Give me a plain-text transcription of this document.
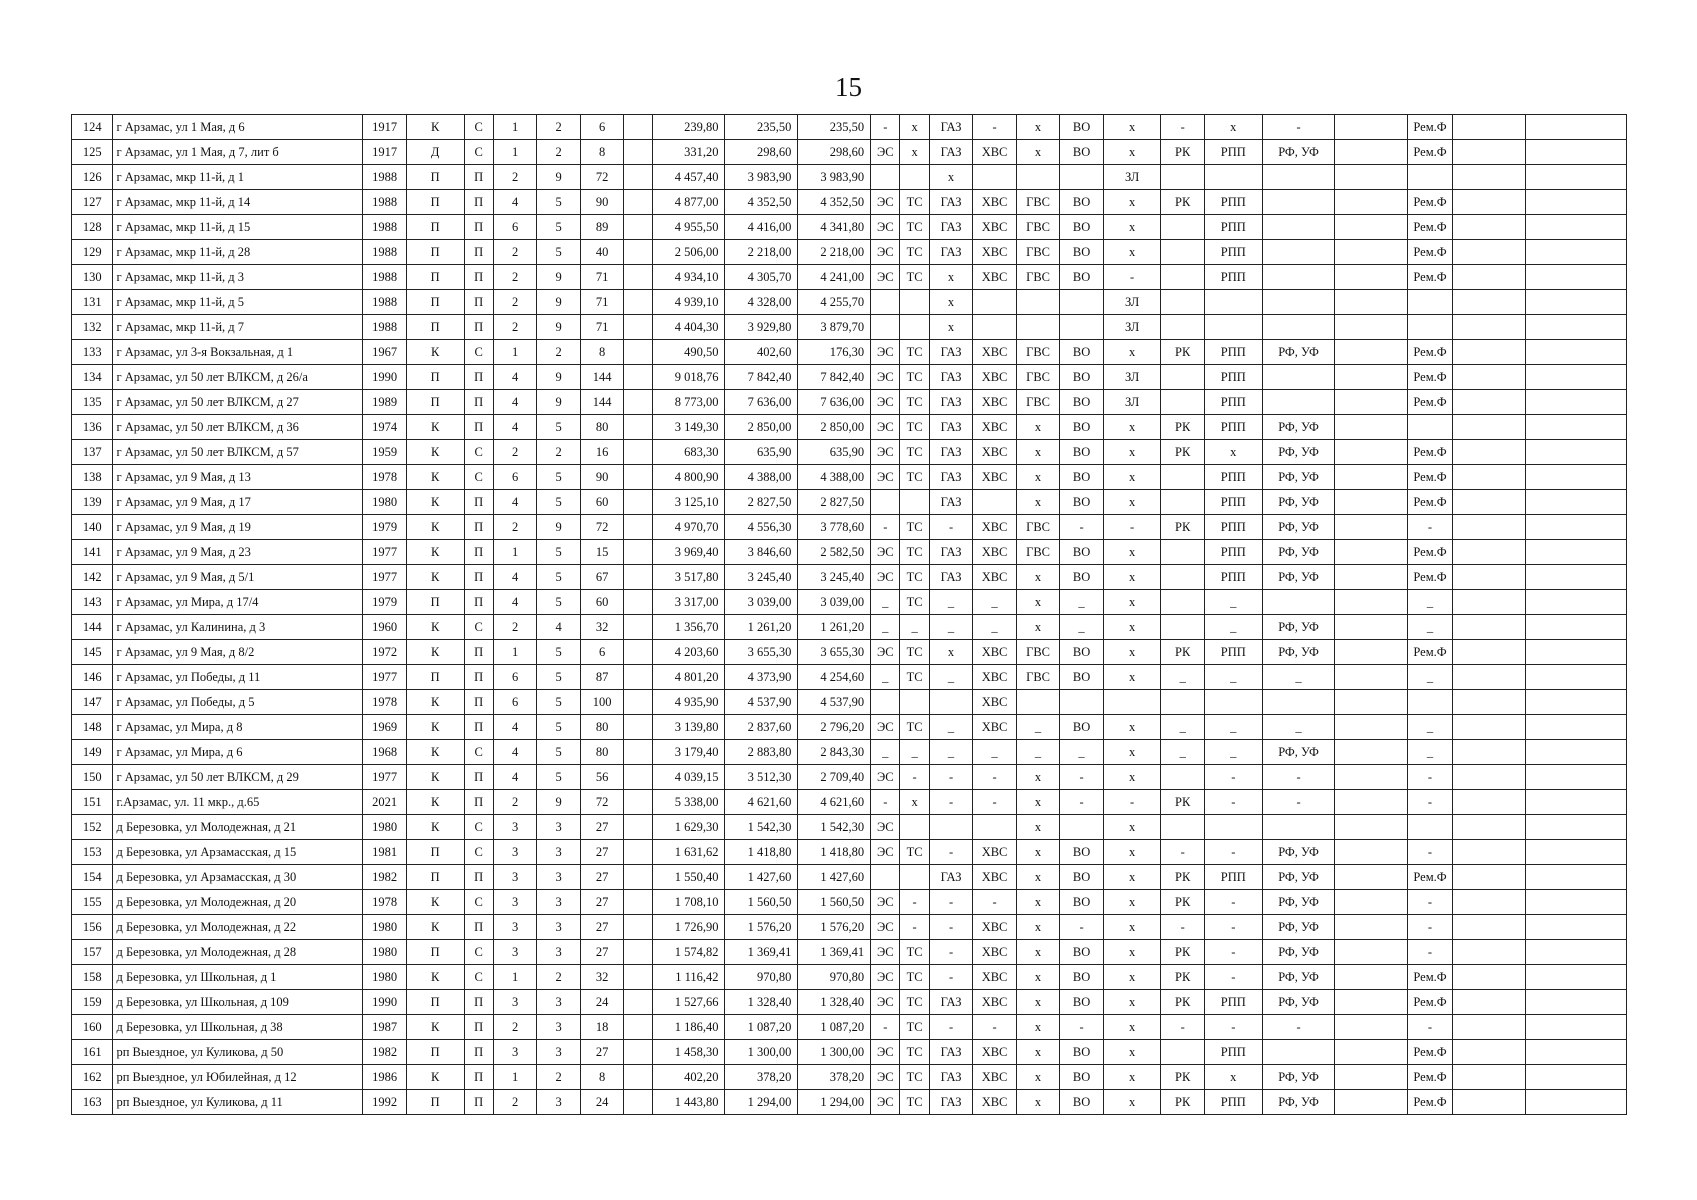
15
124	г Арзамас, ул 1 Мая, д 6	1917	К	С	1	2	6		239,80	235,50	235,50	-	х	ГАЗ	-	х	ВО	х	-	х	-		Рем.Ф		
125	г Арзамас, ул 1 Мая, д 7, лит б	1917	Д	С	1	2	8		331,20	298,60	298,60	ЭС	х	ГАЗ	ХВС	х	ВО	х	РК	РПП	РФ, УФ		Рем.Ф		
126	г Арзамас, мкр 11-й, д 1	1988	П	П	2	9	72		4 457,40	3 983,90	3 983,90			х				ЗЛ							
127	г Арзамас, мкр 11-й, д 14	1988	П	П	4	5	90		4 877,00	4 352,50	4 352,50	ЭС	ТС	ГАЗ	ХВС	ГВС	ВО	х	РК	РПП			Рем.Ф		
128	г Арзамас, мкр 11-й, д 15	1988	П	П	6	5	89		4 955,50	4 416,00	4 341,80	ЭС	ТС	ГАЗ	ХВС	ГВС	ВО	х		РПП			Рем.Ф		
129	г Арзамас, мкр 11-й, д 28	1988	П	П	2	5	40		2 506,00	2 218,00	2 218,00	ЭС	ТС	ГАЗ	ХВС	ГВС	ВО	х		РПП			Рем.Ф		
130	г Арзамас, мкр 11-й, д 3	1988	П	П	2	9	71		4 934,10	4 305,70	4 241,00	ЭС	ТС	х	ХВС	ГВС	ВО	-		РПП			Рем.Ф		
131	г Арзамас, мкр 11-й, д 5	1988	П	П	2	9	71		4 939,10	4 328,00	4 255,70			х				ЗЛ							
132	г Арзамас, мкр 11-й, д 7	1988	П	П	2	9	71		4 404,30	3 929,80	3 879,70			х				ЗЛ							
133	г Арзамас, ул 3-я Вокзальная, д 1	1967	К	С	1	2	8		490,50	402,60	176,30	ЭС	ТС	ГАЗ	ХВС	ГВС	ВО	х	РК	РПП	РФ, УФ		Рем.Ф		
134	г Арзамас, ул 50 лет ВЛКСМ, д 26/а	1990	П	П	4	9	144		9 018,76	7 842,40	7 842,40	ЭС	ТС	ГАЗ	ХВС	ГВС	ВО	ЗЛ		РПП			Рем.Ф		
135	г Арзамас, ул 50 лет ВЛКСМ, д 27	1989	П	П	4	9	144		8 773,00	7 636,00	7 636,00	ЭС	ТС	ГАЗ	ХВС	ГВС	ВО	ЗЛ		РПП			Рем.Ф		
136	г Арзамас, ул 50 лет ВЛКСМ, д 36	1974	К	П	4	5	80		3 149,30	2 850,00	2 850,00	ЭС	ТС	ГАЗ	ХВС	х	ВО	х	РК	РПП	РФ, УФ				
137	г Арзамас, ул 50 лет ВЛКСМ, д 57	1959	К	С	2	2	16		683,30	635,90	635,90	ЭС	ТС	ГАЗ	ХВС	х	ВО	х	РК	х	РФ, УФ		Рем.Ф		
138	г Арзамас, ул 9 Мая, д 13	1978	К	С	6	5	90		4 800,90	4 388,00	4 388,00	ЭС	ТС	ГАЗ	ХВС	х	ВО	х		РПП	РФ, УФ		Рем.Ф		
139	г Арзамас, ул 9 Мая, д 17	1980	К	П	4	5	60		3 125,10	2 827,50	2 827,50			ГАЗ		х	ВО	х		РПП	РФ, УФ		Рем.Ф		
140	г Арзамас, ул 9 Мая, д 19	1979	К	П	2	9	72		4 970,70	4 556,30	3 778,60	-	ТС	-	ХВС	ГВС	-	-	РК	РПП	РФ, УФ		-		
141	г Арзамас, ул 9 Мая, д 23	1977	К	П	1	5	15		3 969,40	3 846,60	2 582,50	ЭС	ТС	ГАЗ	ХВС	ГВС	ВО	х		РПП	РФ, УФ		Рем.Ф		
142	г Арзамас, ул 9 Мая, д 5/1	1977	К	П	4	5	67		3 517,80	3 245,40	3 245,40	ЭС	ТС	ГАЗ	ХВС	х	ВО	х		РПП	РФ, УФ		Рем.Ф		
143	г Арзамас, ул Мира, д 17/4	1979	П	П	4	5	60		3 317,00	3 039,00	3 039,00	_	ТС	_	_	х	_	х		_			_		
144	г Арзамас, ул Калинина, д 3	1960	К	С	2	4	32		1 356,70	1 261,20	1 261,20	_	_	_	_	х	_	х		_	РФ, УФ		_		
145	г Арзамас, ул 9 Мая, д 8/2	1972	К	П	1	5	6		4 203,60	3 655,30	3 655,30	ЭС	ТС	х	ХВС	ГВС	ВО	х	РК	РПП	РФ, УФ		Рем.Ф		
146	г Арзамас, ул Победы, д 11	1977	П	П	6	5	87		4 801,20	4 373,90	4 254,60	_	ТС	_	ХВС	ГВС	ВО	х	_	_	_		_		
147	г Арзамас, ул Победы, д 5	1978	К	П	6	5	100		4 935,90	4 537,90	4 537,90				ХВС										
148	г Арзамас, ул Мира, д 8	1969	К	П	4	5	80		3 139,80	2 837,60	2 796,20	ЭС	ТС	_	ХВС	_	ВО	х	_	_	_		_		
149	г Арзамас, ул Мира, д 6	1968	К	С	4	5	80		3 179,40	2 883,80	2 843,30	_	_	_	_	_	_	х	_	_	РФ, УФ		_		
150	г Арзамас, ул 50 лет ВЛКСМ, д 29	1977	К	П	4	5	56		4 039,15	3 512,30	2 709,40	ЭС	-	-	-	х	-	х		-	-		-		
151	г.Арзамас, ул. 11 мкр., д.65	2021	К	П	2	9	72		5 338,00	4 621,60	4 621,60	-	х	-	-	х	-	-	РК	-	-		-		
152	д Березовка, ул Молодежная, д 21	1980	К	С	3	3	27		1 629,30	1 542,30	1 542,30	ЭС				х		х							
153	д Березовка, ул Арзамасская, д 15	1981	П	С	3	3	27		1 631,62	1 418,80	1 418,80	ЭС	ТС	-	ХВС	х	ВО	х	-	-	РФ, УФ		-		
154	д Березовка, ул Арзамасская, д 30	1982	П	П	3	3	27		1 550,40	1 427,60	1 427,60			ГАЗ	ХВС	х	ВО	х	РК	РПП	РФ, УФ		Рем.Ф		
155	д Березовка, ул Молодежная, д 20	1978	К	С	3	3	27		1 708,10	1 560,50	1 560,50	ЭС	-	-	-	х	ВО	х	РК	-	РФ, УФ		-		
156	д Березовка, ул Молодежная, д 22	1980	К	П	3	3	27		1 726,90	1 576,20	1 576,20	ЭС	-	-	ХВС	х	-	х	-	-	РФ, УФ		-		
157	д Березовка, ул Молодежная, д 28	1980	П	С	3	3	27		1 574,82	1 369,41	1 369,41	ЭС	ТС	-	ХВС	х	ВО	х	РК	-	РФ, УФ		-		
158	д Березовка, ул Школьная, д 1	1980	К	С	1	2	32		1 116,42	970,80	970,80	ЭС	ТС	-	ХВС	х	ВО	х	РК	-	РФ, УФ		Рем.Ф		
159	д Березовка, ул Школьная, д 109	1990	П	П	3	3	24		1 527,66	1 328,40	1 328,40	ЭС	ТС	ГАЗ	ХВС	х	ВО	х	РК	РПП	РФ, УФ		Рем.Ф		
160	д Березовка, ул Школьная, д 38	1987	К	П	2	3	18		1 186,40	1 087,20	1 087,20	-	ТС	-	-	х	-	х	-	-	-		-		
161	рп Выездное, ул Куликова, д 50	1982	П	П	3	3	27		1 458,30	1 300,00	1 300,00	ЭС	ТС	ГАЗ	ХВС	х	ВО	х		РПП			Рем.Ф		
162	рп Выездное, ул Юбилейная, д 12	1986	К	П	1	2	8		402,20	378,20	378,20	ЭС	ТС	ГАЗ	ХВС	х	ВО	х	РК	х	РФ, УФ		Рем.Ф		
163	рп Выездное, ул Куликова, д 11	1992	П	П	2	3	24		1 443,80	1 294,00	1 294,00	ЭС	ТС	ГАЗ	ХВС	х	ВО	х	РК	РПП	РФ, УФ		Рем.Ф		
